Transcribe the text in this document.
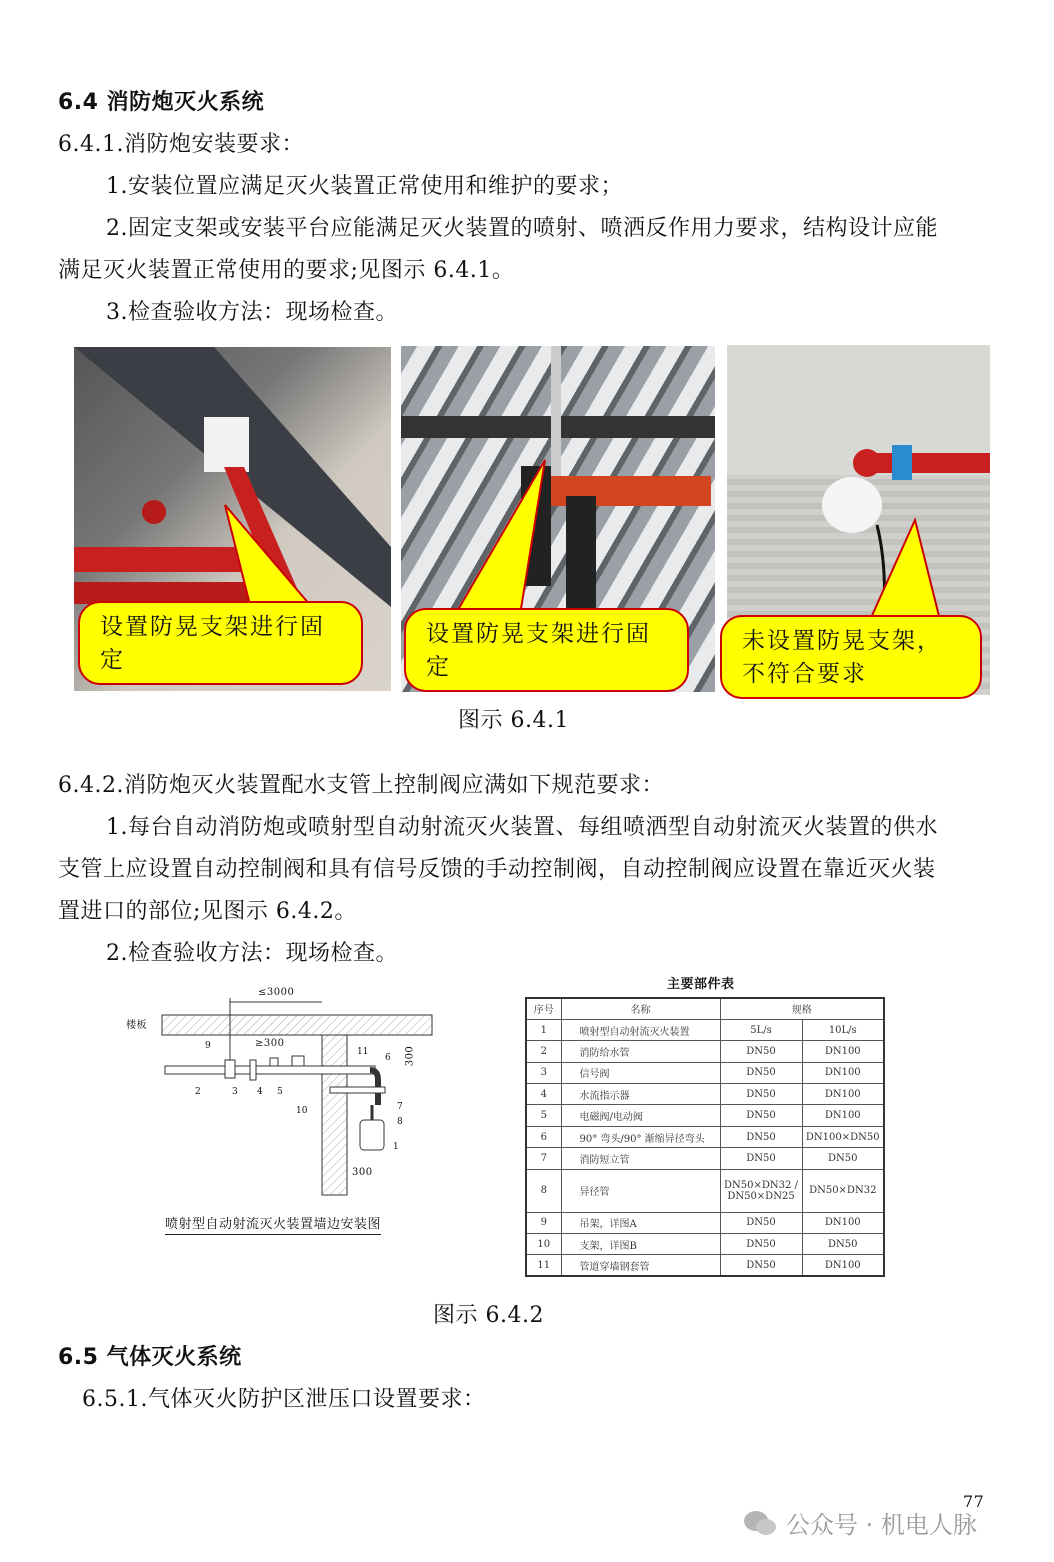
6.4 消防炮灭火系统
6.4.1.消防炮安装要求：
1.安装位置应满足灭火装置正常使用和维护的要求；
2.固定支架或安装平台应能满足灭火装置的喷射、喷洒反作用力要求，结构设计应能
满足灭火装置正常使用的要求;见图示 6.4.1。
3.检查验收方法：现场检查。
设置防晃支架进行固定
设置防晃支架进行固定
未设置防晃支架，不符合要求
图示 6.4.1
6.4.2.消防炮灭火装置配水支管上控制阀应满如下规范要求：
1.每台自动消防炮或喷射型自动射流灭火装置、每组喷洒型自动射流灭火装置的供水
支管上应设置自动控制阀和具有信号反馈的手动控制阀，自动控制阀应设置在靠近灭火装
置进口的部位;见图示 6.4.2。
2.检查验收方法：现场检查。
楼板
≤3000
≥300
300
300
1
2	3 4 5
6
7
8
9
10
11
喷射型自动射流灭火装置墙边安装图
主要部件表
序号	名称	规格	
1	喷射型自动射流灭火装置	5L/s	10L/s
2	消防给水管	DN50	DN100
3	信号阀	DN50	DN100
4	水流指示器	DN50	DN100
5	电磁阀/电动阀	DN50	DN100
6	90° 弯头/90° 渐缩异径弯头	DN50	DN100×DN50
7	消防短立管	DN50	DN50
8	异径管	DN50×DN32 / DN50×DN25	DN50×DN32
9	吊架，详图A	DN50	DN100
10	支架，详图B	DN50	DN50
11	管道穿墙钢套管	DN50	DN100
图示 6.4.2
6.5 气体灭火系统
6.5.1.气体灭火防护区泄压口设置要求：
77
公众号 · 机电人脉
